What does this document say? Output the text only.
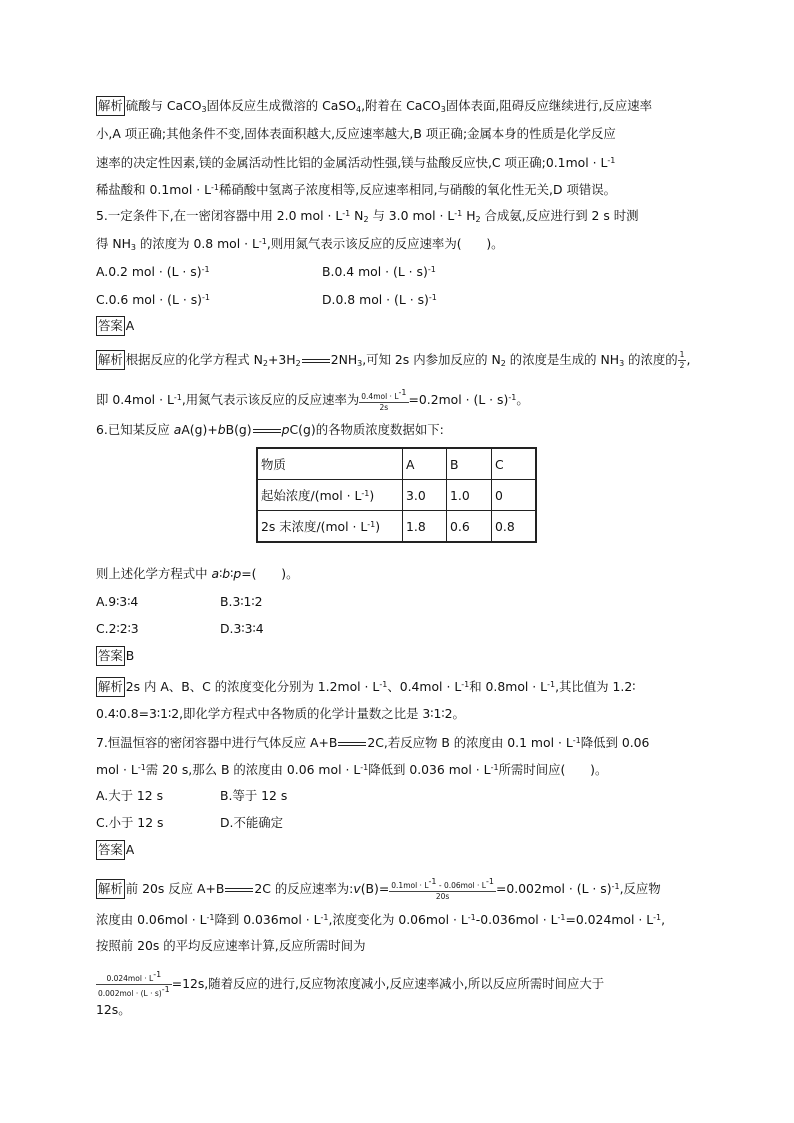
解析 硫酸与 CaCO$_3$固体反应生成微溶的 CaSO$_4$,附着在 CaCO$_3$固体表面,阻碍反应继续进行,反应速率
小,A 项正确;其他条件不变,固体表面积越大,反应速率越大,B 项正确;金属本身的性质是化学反应
速率的决定性因素,镁的金属活动性比铝的金属活动性强,镁与盐酸反应快,C 项正确;0.1mol · $L^{-1}$
稀盐酸和 $0.1mol \cdot L^{-1}$稀硝酸中氢离子浓度相等,反应速率相同,与硝酸的氧化性无关,D 项错误。
5.一定条件下,在一密闭容器中用 2.0 mol · $L^{-1}$ $N_2$ 与 3.0 mol · $L^{-1}$ $H_2$ 合成氨,反应进行到 2 s 时测
得 $NH_3$ 的浓度为 0.8 mol · $L^{-1}$,则用氮气表示该反应的反应速率为(　　)。
A.0.2 mol · $(L \cdot s)^{-1}$	B.0.4 mol · $(L \cdot s)^{-1}$
C.0.6 mol · $(L \cdot s)^{-1}$	D.0.8 mol · $(L \cdot s)^{-1}$
答案 A
解析 根据反应的化学方程式 $N_2+3H_2$ $2NH_3$,可知 2s 内参加反应的 $N_2$ 的浓度是生成的 $NH_3$ 的浓度的 $\frac{1}{2}$ ,
即 $0.4mol \cdot L^{-1}$,用氮气表示该反应的反应速率为 $\frac{0.4mol \cdot L^{-1}}{2s} =0.2mol \cdot (L \cdot s)^{-1}$。
6.已知某反应 aA(g)+bB(g) pC(g)的各物质浓度数据如下:
物质	A	B	C
起始浓度$/(mol \cdot L^{-1})$	3.0	1.0	0
2s 末浓度$/(mol \cdot L^{-1})$	1.8	0.6	0.8
则上述化学方程式中 a∶b∶p=(　　)。
A.9∶3∶4	B.3∶1∶2
C.2∶2∶3	D.3∶3∶4
答案 B
解析 2s 内 A、B、C 的浓度变化分别为 $1.2mol \cdot L^{-1}$、$0.4mol \cdot L^{-1}$和 $0.8mol \cdot L^{-1}$,其比值为 1.2∶
0.4∶0.8=3∶1∶2,即化学方程式中各物质的化学计量数之比是 3∶1∶2。
7.恒温恒容的密闭容器中进行气体反应 A+B 2C,若反应物 B 的浓度由 0.1 mol · $L^{-1}$降低到 0.06
mol · $L^{-1}$需 20 s,那么 B 的浓度由 0.06 mol · $L^{-1}$降低到 0.036 mol · $L^{-1}$所需时间应(　　)。
A.大于 12 s	B.等于 12 s
C.小于 12 s	D.不能确定
答案 A
解析 前 20s 反应 A+B 2C 的反应速率为:v(B)= $\frac{0.1mol \cdot L^{-1} - 0.06mol \cdot L^{-1}}{20s} =0.002mol \cdot (L \cdot s)^{-1}$,反应物
浓度由 $0.06mol \cdot L^{-1}$降到 $0.036mol \cdot L^{-1}$,浓度变化为 $0.06mol \cdot L^{-1}-0.036mol \cdot L^{-1}=0.024mol \cdot L^{-1}$,
按照前 20s 的平均反应速率计算,反应所需时间为
$\frac{0.024mol \cdot L^{-1}}{0.002mol \cdot (L \cdot s)^{-1}} =12s$,随着反应的进行,反应物浓度减小,反应速率减小,所以反应所需时间应大于
12s。
